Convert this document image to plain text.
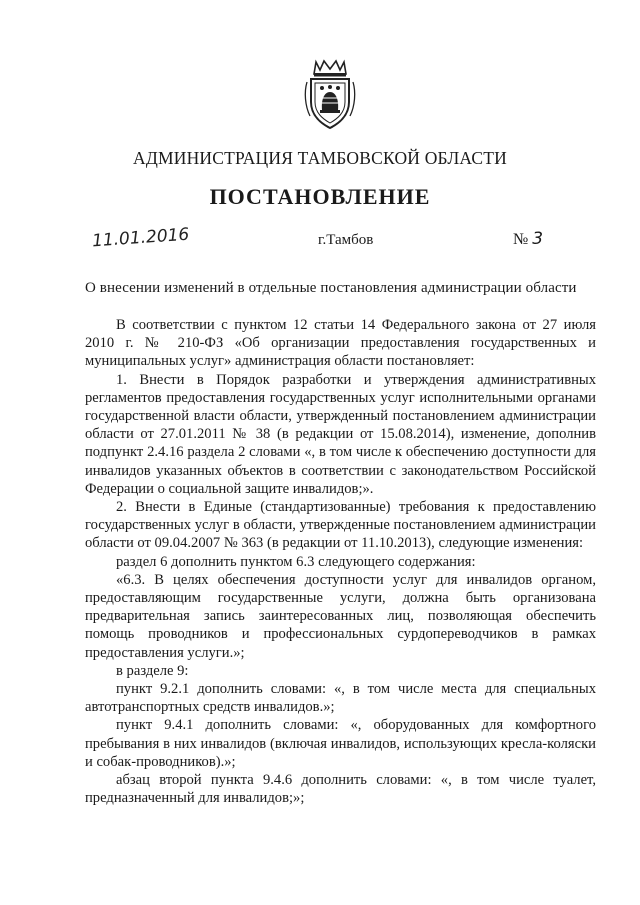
АДМИНИСТРАЦИЯ ТАМБОВСКОЙ ОБЛАСТИ
ПОСТАНОВЛЕНИЕ
11.01.2016	г.Тамбов	№ 3
О внесении изменений в отдельные постановления администрации области

В соответствии с пунктом 12 статьи 14 Федерального закона от 27 июля 2010 г. № 210-ФЗ «Об организации предоставления государственных и муниципальных услуг» администрация области постановляет:

1. Внести в Порядок разработки и утверждения административных регламентов предоставления государственных услуг исполнительными органами государственной власти области, утвержденный постановлением администрации области от 27.01.2011 № 38 (в редакции от 15.08.2014), изменение, дополнив подпункт 2.4.16 раздела 2 словами «, в том числе к обеспечению доступности для инвалидов указанных объектов в соответствии с законодательством Российской Федерации о социальной защите инвалидов;».

2. Внести в Единые (стандартизованные) требования к предоставлению государственных услуг в области, утвержденные постановлением администрации области от 09.04.2007 № 363 (в редакции от 11.10.2013), следующие изменения:

раздел 6 дополнить пунктом 6.3 следующего содержания:

«6.3. В целях обеспечения доступности услуг для инвалидов органом, предоставляющим государственные услуги, должна быть организована предварительная запись заинтересованных лиц, позволяющая обеспечить помощь проводников и профессиональных сурдопереводчиков в рамках предоставления услуги.»;

в разделе 9:

пункт 9.2.1 дополнить словами: «, в том числе места для специальных автотранспортных средств инвалидов.»;

пункт 9.4.1 дополнить словами: «, оборудованных для комфортного пребывания в них инвалидов (включая инвалидов, использующих кресла-коляски и собак-проводников).»;

абзац второй пункта 9.4.6 дополнить словами: «, в том числе туалет, предназначенный для инвалидов;»;
